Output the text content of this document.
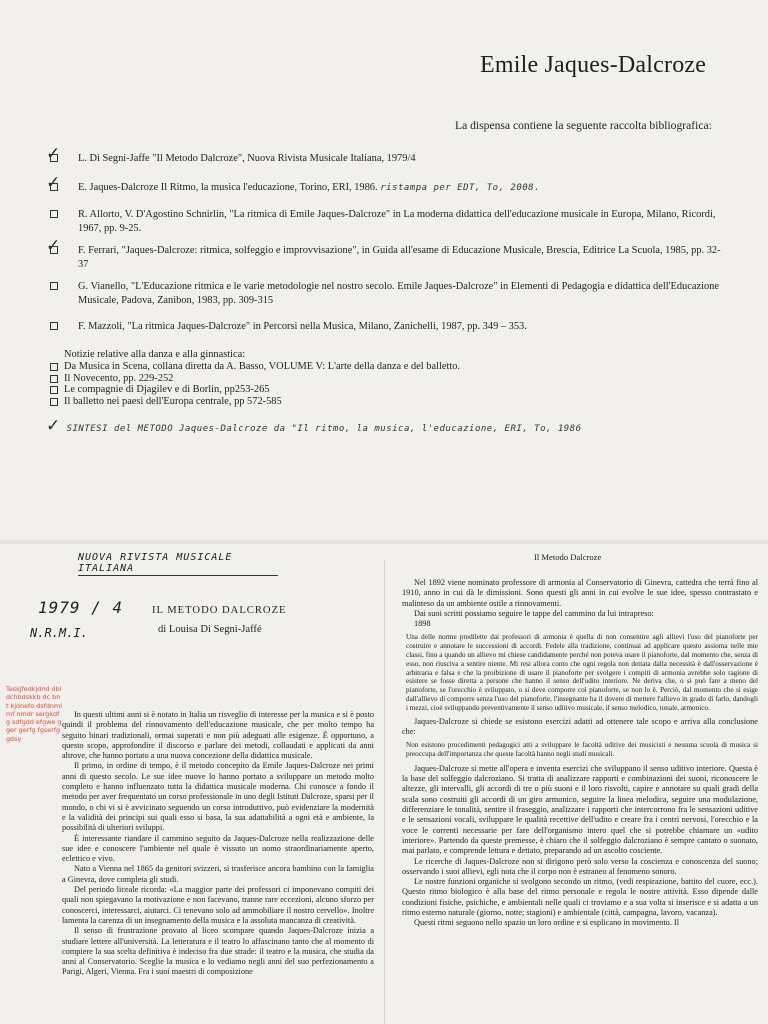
Emile Jaques-Dalcroze
La dispensa contiene la seguente raccolta bibliografica:
✓ L. Di Segni-Jaffe "Il Metodo Dalcroze", Nuova Rivista Musicale Italiana, 1979/4
✓ E. Jaques-Dalcroze Il Ritmo, la musica l'educazione, Torino, ERI, 1986. ristampa per EDT, To, 2008.
R. Allorto, V. D'Agostino Schnirlin, "La ritmica di Emile Jaques-Dalcroze" in La moderna didattica dell'educazione musicale in Europa, Milano, Ricordi, 1967, pp. 9-25.
✓ F. Ferrari, "Jaques-Dalcroze: ritmica, solfeggio e improvvisazione", in Guida all'esame di Educazione Musicale, Brescia, Editrice La Scuola, 1985, pp. 32-37
G. Vianello, "L'Educazione ritmica e le varie metodologie nel nostro secolo. Emile Jaques-Dalcroze" in Elementi di Pedagogia e didattica dell'Educazione Musicale, Padova, Zanibon, 1983, pp. 309-315
F. Mazzoli, "La ritmica Jaques-Dalcroze" in Percorsi nella Musica, Milano, Zanichelli, 1987, pp. 349 – 353.
Notizie relative alla danza e alla ginnastica:
Da Musica in Scena, collana diretta da A. Basso, VOLUME V: L'arte della danza e del balletto.
Il Novecento, pp. 229-252
Le compagnie di Djagilev e di Borlin, pp253-265
Il balletto nei paesi dell'Europa centrale, pp 572-585
✓ SINTESI del METODO Jaques-Dalcroze da "Il ritmo, la musica, l'educazione, ERI, To, 1986
NUOVA RIVISTA MUSICALE ITALIANA
1979 / 4
N.R.M.I.
IL METODO DALCROZE
di Louisa Di Segni-Jaffé
Teskjfedkjdnd dbldchbdskkb dc bnt kjdnefo dsfdnmlmf nmdr sergkdfg sdfgdd efgwe gger gerfg fgserfg gdsy

In questi ultimi anni si è notato in Italia un risveglio di interesse per la musica e si è posto quindi il problema del rinnovamento dell'educazione musicale, che per molto tempo ha seguito binari tradizionali, ormai superati e non più adeguati alle esigenze. È opportuno, a questo scopo, approfondire il discorso e parlare dei metodi, collaudati e applicati da anni altrove, che hanno portato a una nuova concezione della didattica musicale.

Il primo, in ordine di tempo, è il metodo concepito da Emile Jaques-Dalcroze nei primi anni di questo secolo. Le sue idee nuove lo hanno portato a sviluppare un metodo molto completo e hanno influenzato tutta la didattica musicale moderna. Chi conosce a fondo il metodo per aver frequentato un corso professionale in uno degli Istituti Dalcroze, sparsi per il mondo, o chi vi si è avvicinato seguendo un corso introduttivo, può evidenziare la modernità e la validità dei principi sui quali esso si basa, la sua adattabilità a ogni età e ambiente, la possibilità di ulteriori sviluppi.

È interessante riandare il cammino seguito da Jaques-Dalcroze nella realizzazione delle sue idee e conoscere l'ambiente nel quale è vissuto un uomo straordinariamente aperto, eclettico e vivo.

Nato a Vienna nel 1865 da genitori svizzeri, si trasferisce ancora bambino con la famiglia a Ginevra, dove completa gli studi.

Del periodo liceale ricorda: «La maggior parte dei professori ci imponevano compiti dei quali non spiegavano la motivazione e non facevano, tranne rare eccezioni, alcuno sforzo per conoscerci, interessarci, aiutarci. Ci tenevano solo ad ammobiliare il nostro cervello». Inoltre lamenta la carenza di un insegnamento della musica e la assoluta mancanza di creatività.

Il senso di frustrazione provato al liceo scompare quando Jaques-Dalcroze inizia a studiare lettere all'università. La letteratura e il teatro lo affascinano tanto che al momento di compiere la sua scelta definitiva è indeciso fra due strade: il teatro e la musica, che studia da anni al Conservatorio. Sceglie la musica e lo vediamo negli anni del suo perfezionamento a Parigi, Algeri, Vienna. Fra i suoi maestri di composizione

Il Metodo Dalcroze

Nel 1892 viene nominato professore di armonia al Conservatorio di Ginevra, cattedra che terrà fino al 1910, anno in cui dà le dimissioni. Sono questi gli anni in cui evolve le sue idee, spesso contrastato e malinteso da un ambiente ostile a rinnovamenti.

Dai suoi scritti possiamo seguire le tappe del cammino da lui intrapreso:

1898

Una delle norme predilette dai professori di armonia è quella di non consentire agli allievi l'uso del pianoforte per costruire e annotare le successioni di accordi. Fedele alla tradizione, continuai ad applicare questo assioma nelle mie classi, fino a quando un allievo mi chiese candidamente perché non poteva usare il pianoforte, dal momento che, senza di esso, non riusciva a sentire niente. Mi resi allora conto che ogni regola non dettata dalla necessità è dall'osservazione è arbitraria e falsa e che la proibizione di usare il pianoforte per svolgere i compiti di armonia avrebbe solo ragione di esistere se fosse diretta a persone che hanno il senso dell'udito interiore. Ne deriva che, o si può fare a meno del pianoforte, se l'orecchio è sviluppato, o si deve comporre col pianoforte, se non lo è. Perciò, dal momento che si esige dall'allievo di comporre senza l'uso del pianoforte, l'insegnante ha il dovere di mettere l'allievo in grado di farlo, dandogli i mezzi, cioè sviluppando preventivamente il senso uditivo musicale, il senso melodico, tonale, armonico.

Jaques-Dalcroze si chiede se esistono esercizi adatti ad ottenere tale scopo e arriva alla conclusione che:

Non esistono procedimenti pedagogici atti a sviluppare le facoltà uditive dei musicisti e nessuna scuola di musica si preoccupa dell'importanza che queste facoltà hanno negli studi musicali.

Jaques-Dalcroze si mette all'opera e inventa esercizi che sviluppano il senso uditivo interiore. Questa è la base del solfeggio dalcroziano. Si tratta di analizzare rapporti e combinazioni dei suoni, riconoscere le altezze, gli intervalli, gli accordi di tre o più suoni e il loro risvolti, capire e annotare su quali gradi della scala sono costruiti gli accordi di un giro armonico, seguire la linea melodica, seguire una modulazione, differenziare le tonalità, sentire il fraseggio, analizzare i rapporti che intercorrono fra le sensazioni uditive e le sensazioni vocali, sviluppare le qualità recettive dell'udito e creare fra i centri nervosi, l'orecchio e la voce le correnti necessarie per fare dell'organismo intero quel che si potrebbe chiamare un «udito interiore». Partendo da queste premesse, è chiaro che il solfeggio dalcroziano è sempre cantato o suonato, mai parlato, e comprende lettura e dettato, preparando ad un ascolto cosciente.

Le ricerche di Jaques-Dalcroze non si dirigono però solo verso la coscienza e conoscenza del suono; osservando i suoi allievi, egli nota che il corpo non è estraneo al fenomeno sonoro.

Le nostre funzioni organiche si svolgono secondo un ritmo, (vedi respirazione, battito del cuore, ecc.). Questo ritmo biologico è alla base del ritmo personale e regola le nostre attività. Esso dipende dalle condizioni fisiche, psichiche, e ambientali nelle quali ci troviamo e a sua volta si inserisce e si adatta a un ritmo esterno naturale (giorno, notte; stagioni) e ambientale (città, campagna, lavoro, vacanza).

Questi ritmi seguono nello spazio un loro ordine e si esplicano in movimento. Il
